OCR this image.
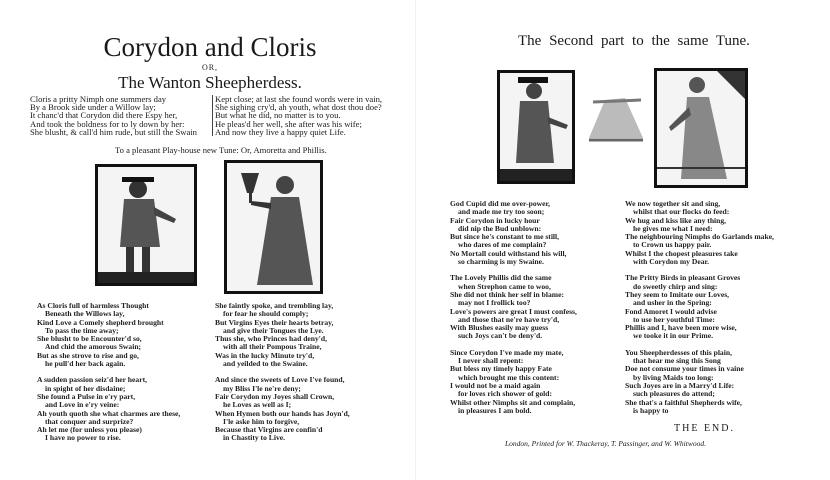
Corydon and Cloris
OR,
The Wanton Sheepherdess.
Cloris a pritty Nimph one summers day
By a Brook side under a Willow lay;
It chanc'd that Corydon did there Espy her,
And took the boldness for to ly down by her:
She blusht, & call'd him rude, but still the Swain
Kept close; at last she found words were in vain,
She sighing cry'd, ah youth, what dost thou doe?
But what he did, no matter is to you.
He pleas'd her well, she after was his wife;
And now they live a happy quiet Life.
To a pleasant Play-house new Tune: Or, Amoretta and Phillis.
As Cloris full of harmless Thought
Beneath the Willows lay,
Kind Love a Comely shepherd brought
To pass the time away;
She blusht to be Encounter'd so,
And chid the amorous Swain;
But as she strove to rise and go,
he pull'd her back again.
A sudden passion seiz'd her heart,
in spight of her disdaine;
She found a Pulse in e'ry part,
and Love in e'ry veine:
Ah youth quoth she what charmes are these,
that conquer and surprize?
Ah let me (for unless you please)
I have no power to rise.
She faintly spoke, and trembling lay,
for fear he should comply;
But Virgins Eyes their hearts betray,
and give their Tongues the Lye.
Thus she, who Princes had deny'd,
with all their Pompous Traine,
Was in the lucky Minute try'd,
and yeilded to the Swaine.
And since the sweets of Love I've found,
my Bliss I'le ne're deny;
Fair Corydon my Joyes shall Crown,
he Loves as well as I;
When Hymen both our hands has Joyn'd,
I'le aske him to forgive,
Because that Virgins are confin'd
in Chastity to Live.
The Second part to the same Tune.
God Cupid did me over-power,
and made me try too soon;
Fair Corydon in lucky hour
did nip the Bud unblown:
But since he's constant to me still,
who dares of me complain?
No Mortall could withstand his will,
so charming is my Swaine.
The Lovely Phillis did the same
when Strephon came to woo,
She did not think her self in blame:
may not I frollick too?
Love's powers are great I must confess,
and those that ne're have try'd,
With Blushes easily may guess
such Joys can't be deny'd.
Since Corydon I've made my mate,
I never shall repent:
But bless my timely happy Fate
which brought me this content:
I would not be a maid again
for loves rich shower of gold:
Whilst other Nimphs sit and complain,
in pleasures I am bold.
We now together sit and sing,
whilst that our flocks do feed:
We hug and kiss like any thing,
he gives me what I need:
The neighbouring Nimphs do Garlands make,
to Crown us happy pair.
Whilst I the chopest pleasures take
with Corydon my Dear.
The Pritty Birds in pleasant Groves
do sweetly chirp and sing:
They seem to Imitate our Loves,
and usher in the Spring:
Fond Amoret I would advise
to use her youthful Time:
Phillis and I, have been more wise,
we tooke it in our Prime.
You Sheepherdesses of this plain,
that hear me sing this Song
Doe not consume your times in vaine
by living Maids too long:
Such Joyes are in a Marry'd Life:
such pleasures do attend;
She that's a faithful Shepherds wife,
is happy to
THE END.
London, Printed for W. Thackeray, T. Passinger, and W. Whitwood.
